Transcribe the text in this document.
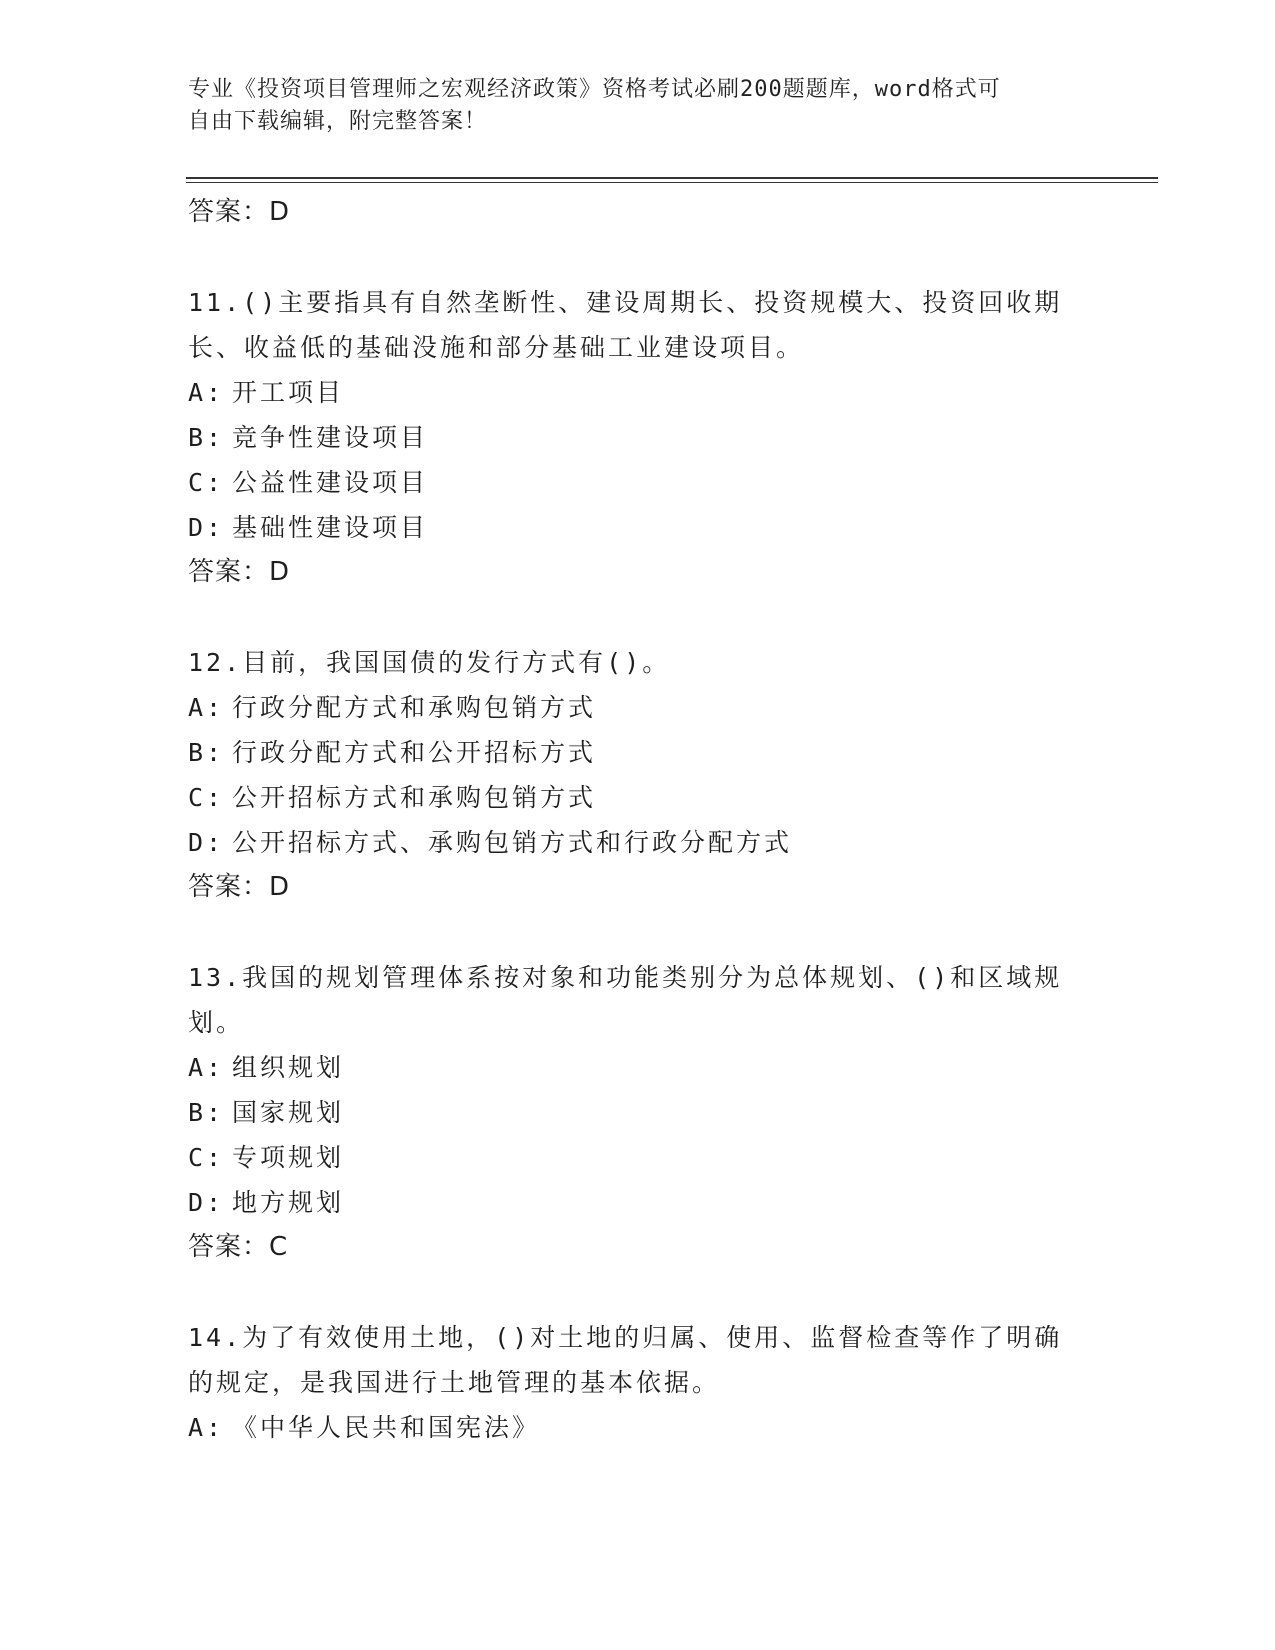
专业《投资项目管理师之宏观经济政策》资格考试必刷200题题库，word格式可
自由下载编辑，附完整答案！
答案：D
11.()主要指具有自然垄断性、建设周期长、投资规模大、投资回收期
长、收益低的基础没施和部分基础工业建设项目。
A: 开工项目
B: 竞争性建设项目
C: 公益性建设项目
D: 基础性建设项目
答案：D
12.目前，我国国债的发行方式有()。
A: 行政分配方式和承购包销方式
B: 行政分配方式和公开招标方式
C: 公开招标方式和承购包销方式
D: 公开招标方式、承购包销方式和行政分配方式
答案：D
13.我国的规划管理体系按对象和功能类别分为总体规划、()和区域规
划。
A: 组织规划
B: 国家规划
C: 专项规划
D: 地方规划
答案：C
14.为了有效使用土地，()对土地的归属、使用、监督检查等作了明确
的规定，是我国进行土地管理的基本依据。
A: 《中华人民共和国宪法》
